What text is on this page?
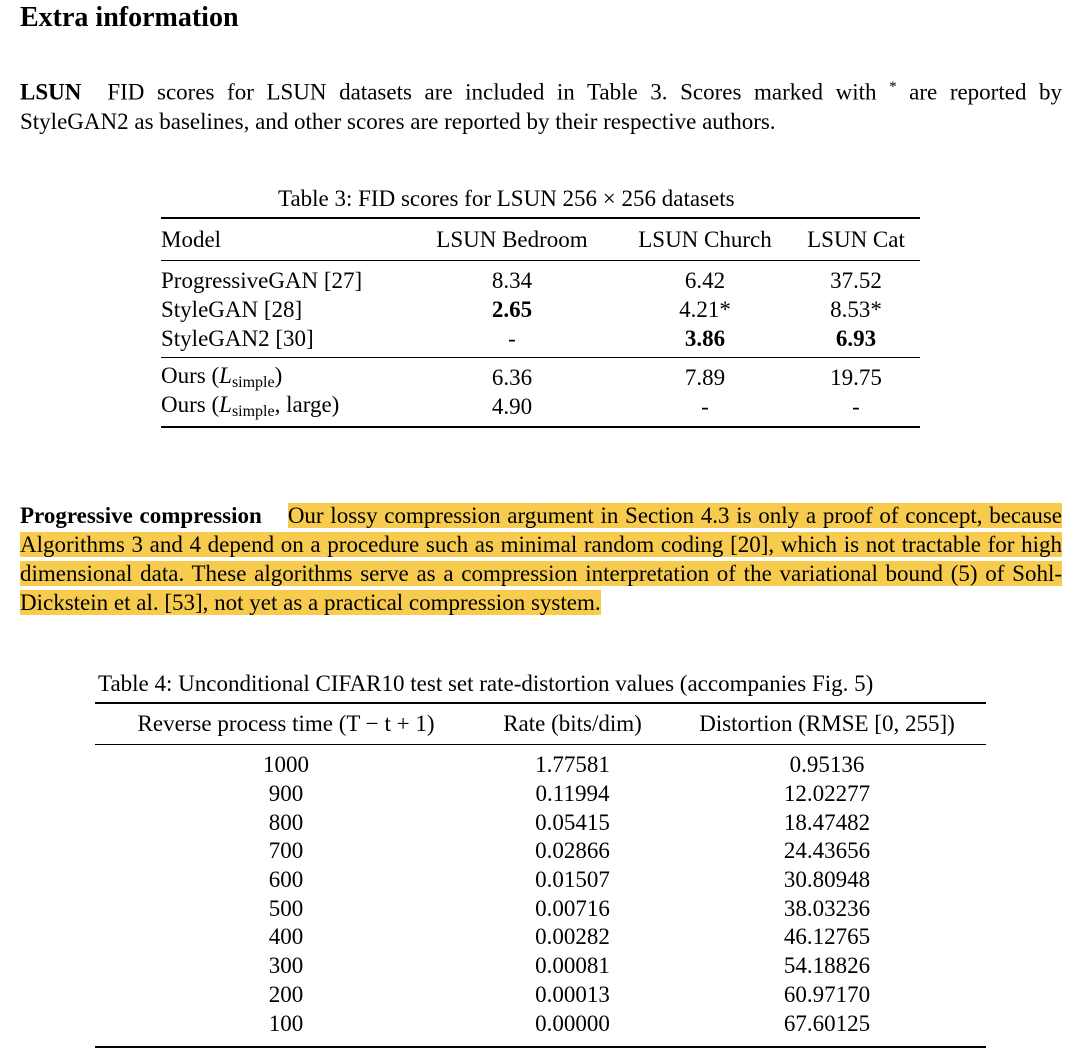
Extra information
LSUN FID scores for LSUN datasets are included in Table 3. Scores marked with * are reported by StyleGAN2 as baselines, and other scores are reported by their respective authors.
Table 3: FID scores for LSUN 256 × 256 datasets
Model	LSUN Bedroom	LSUN Church	LSUN Cat
ProgressiveGAN [27]	8.34	6.42	37.52
StyleGAN [28]	2.65	4.21*	8.53*
StyleGAN2 [30]	-	3.86	6.93
Ours $(L_{simple})$	6.36	7.89	19.75
Ours ($L_{simple}$, large)	4.90	-	-
Progressive compression Our lossy compression argument in Section 4.3 is only a proof of concept, because Algorithms 3 and 4 depend on a procedure such as minimal random coding [20], which is not tractable for high dimensional data. These algorithms serve as a compression interpretation of the variational bound (5) of Sohl-Dickstein et al. [53], not yet as a practical compression system.
Table 4: Unconditional CIFAR10 test set rate-distortion values (accompanies Fig. 5)
Reverse process time (T − t + 1)	Rate (bits/dim)	Distortion (RMSE [0, 255])
1000	1.77581	0.95136
900	0.11994	12.02277
800	0.05415	18.47482
700	0.02866	24.43656
600	0.01507	30.80948
500	0.00716	38.03236
400	0.00282	46.12765
300	0.00081	54.18826
200	0.00013	60.97170
100	0.00000	67.60125
